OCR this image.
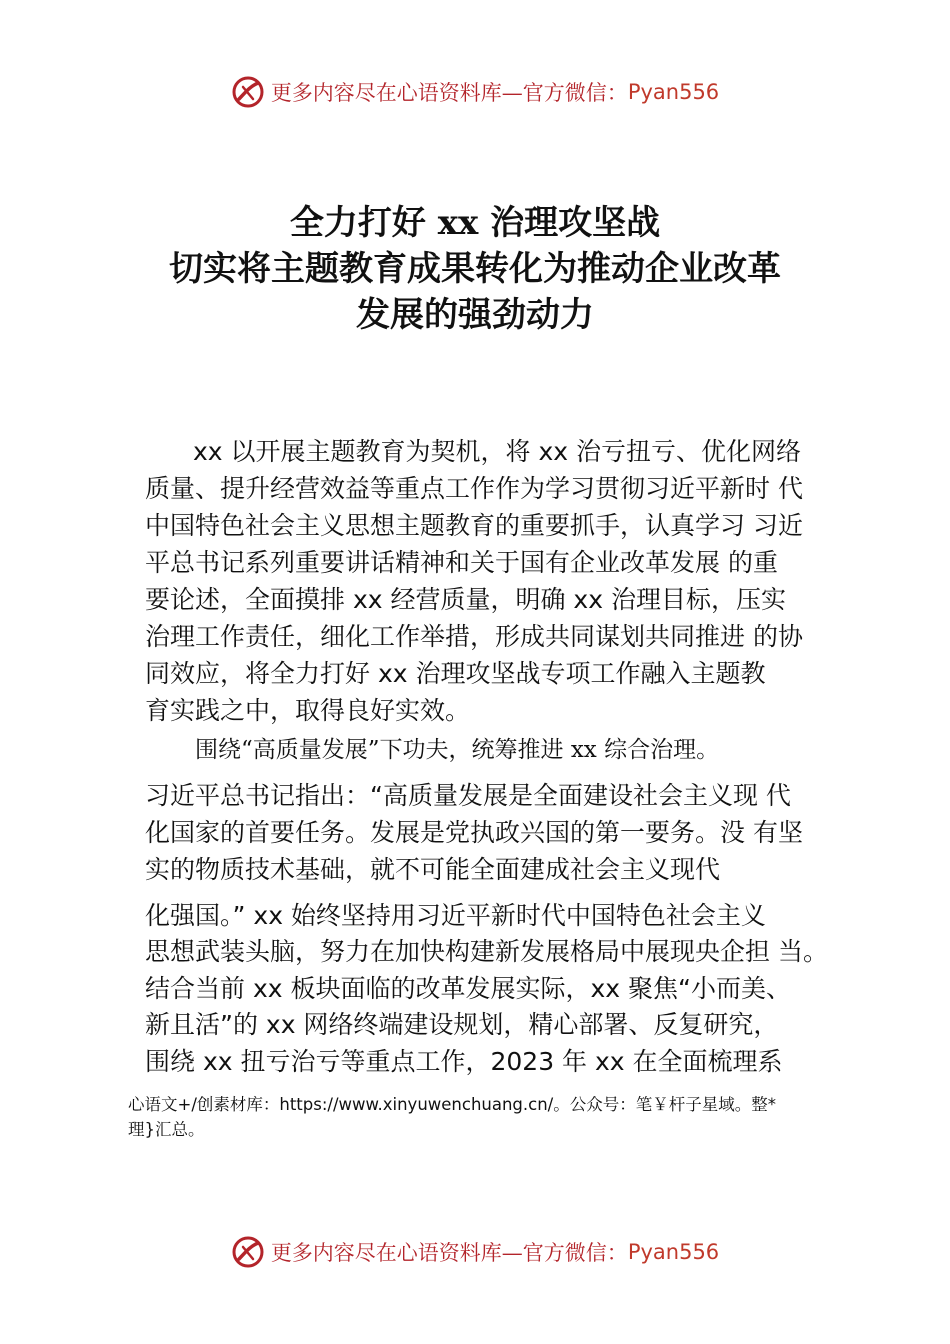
更多内容尽在心语资料库—官方微信： Pyan556
全力打好 xx 治理攻坚战
切实将主题教育成果转化为推动企业改革
发展的强劲动力
xx 以开展主题教育为契机，将 xx 治亏扭亏、优化网络
质量、提升经营效益等重点工作作为学习贯彻习近平新时 代
中国特色社会主义思想主题教育的重要抓手，认真学习 习近
平总书记系列重要讲话精神和关于国有企业改革发展 的重
要论述，全面摸排 xx 经营质量，明确 xx 治理目标，压实
治理工作责任，细化工作举措，形成共同谋划共同推进 的协
同效应，将全力打好 xx 治理攻坚战专项工作融入主题教
育实践之中，取得良好实效。
围绕“高质量发展”下功夫，统筹推进 xx 综合治理。
习近平总书记指出：“高质量发展是全面建设社会主义现 代
化国家的首要任务。发展是党执政兴国的第一要务。没 有坚
实的物质技术基础，就不可能全面建成社会主义现代
化强国。” xx 始终坚持用习近平新时代中国特色社会主义
思想武装头脑，努力在加快构建新发展格局中展现央企担 当。
结合当前 xx 板块面临的改革发展实际，xx 聚焦“小而美、
新且活”的 xx 网络终端建设规划，精心部署、反复研究，
围绕 xx 扭亏治亏等重点工作，2023 年 xx 在全面梳理系
心语文+/创素材库：https://www.xinyuwenchuang.cn/。公众号：笔￥杆子星域。整*
理}汇总。
更多内容尽在心语资料库—官方微信： Pyan556
